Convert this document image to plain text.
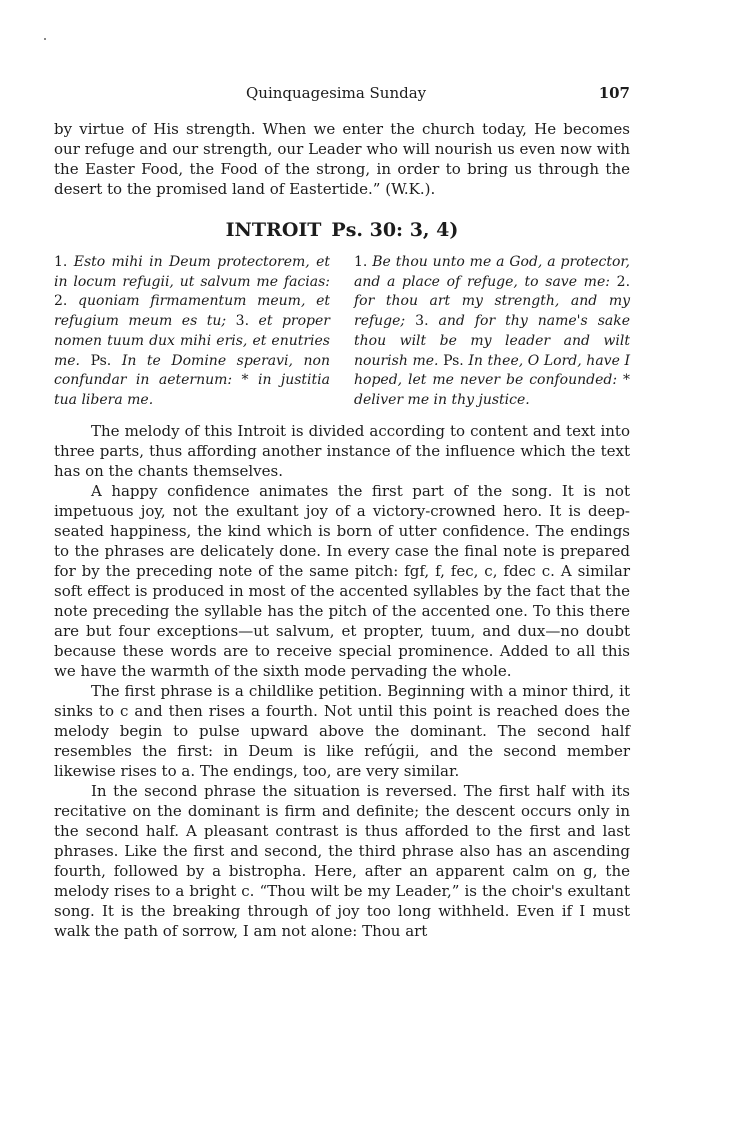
Quinquagesima Sunday	107

by virtue of His strength. When we enter the church today, He becomes our refuge and our strength, our Leader who will nourish us even now with the Easter Food, the Food of the strong, in order to bring us through the desert to the promised land of Eastertide.” (W.K.).

INTROIT Ps. 30: 3, 4)

1. Esto mihi in Deum protectorem, et in locum refugii, ut salvum me facias: 2. quoniam firmamentum meum, et refugium meum es tu; 3. et proper nomen tuum dux mihi eris, et enutries me. Ps. In te Domine speravi, non confundar in aeternum: * in justitia tua libera me.

1. Be thou unto me a God, a protector, and a place of refuge, to save me: 2. for thou art my strength, and my refuge; 3. and for thy name's sake thou wilt be my leader and wilt nourish me. Ps. In thee, O Lord, have I hoped, let me never be confounded: * deliver me in thy justice.

The melody of this Introit is divided according to content and text into three parts, thus affording another instance of the influence which the text has on the chants themselves.

A happy confidence animates the first part of the song. It is not impetuous joy, not the exultant joy of a victory-crowned hero. It is deep-seated happiness, the kind which is born of utter confidence. The endings to the phrases are delicately done. In every case the final note is prepared for by the preceding note of the same pitch: fgf, f, fec, c, fdec c. A similar soft effect is produced in most of the accented syllables by the fact that the note preceding the syllable has the pitch of the accented one. To this there are but four exceptions—ut salvum, et propter, tuum, and dux—no doubt because these words are to receive special prominence. Added to all this we have the warmth of the sixth mode pervading the whole.

The first phrase is a childlike petition. Beginning with a minor third, it sinks to c and then rises a fourth. Not until this point is reached does the melody begin to pulse upward above the dominant. The second half resembles the first: in Deum is like refúgii, and the second member likewise rises to a. The endings, too, are very similar.

In the second phrase the situation is reversed. The first half with its recitative on the dominant is firm and definite; the descent occurs only in the second half. A pleasant contrast is thus afforded to the first and last phrases. Like the first and second, the third phrase also has an ascending fourth, followed by a bistropha. Here, after an apparent calm on g, the melody rises to a bright c. “Thou wilt be my Leader,” is the choir's exultant song. It is the breaking through of joy too long withheld. Even if I must walk the path of sorrow, I am not alone: Thou art
